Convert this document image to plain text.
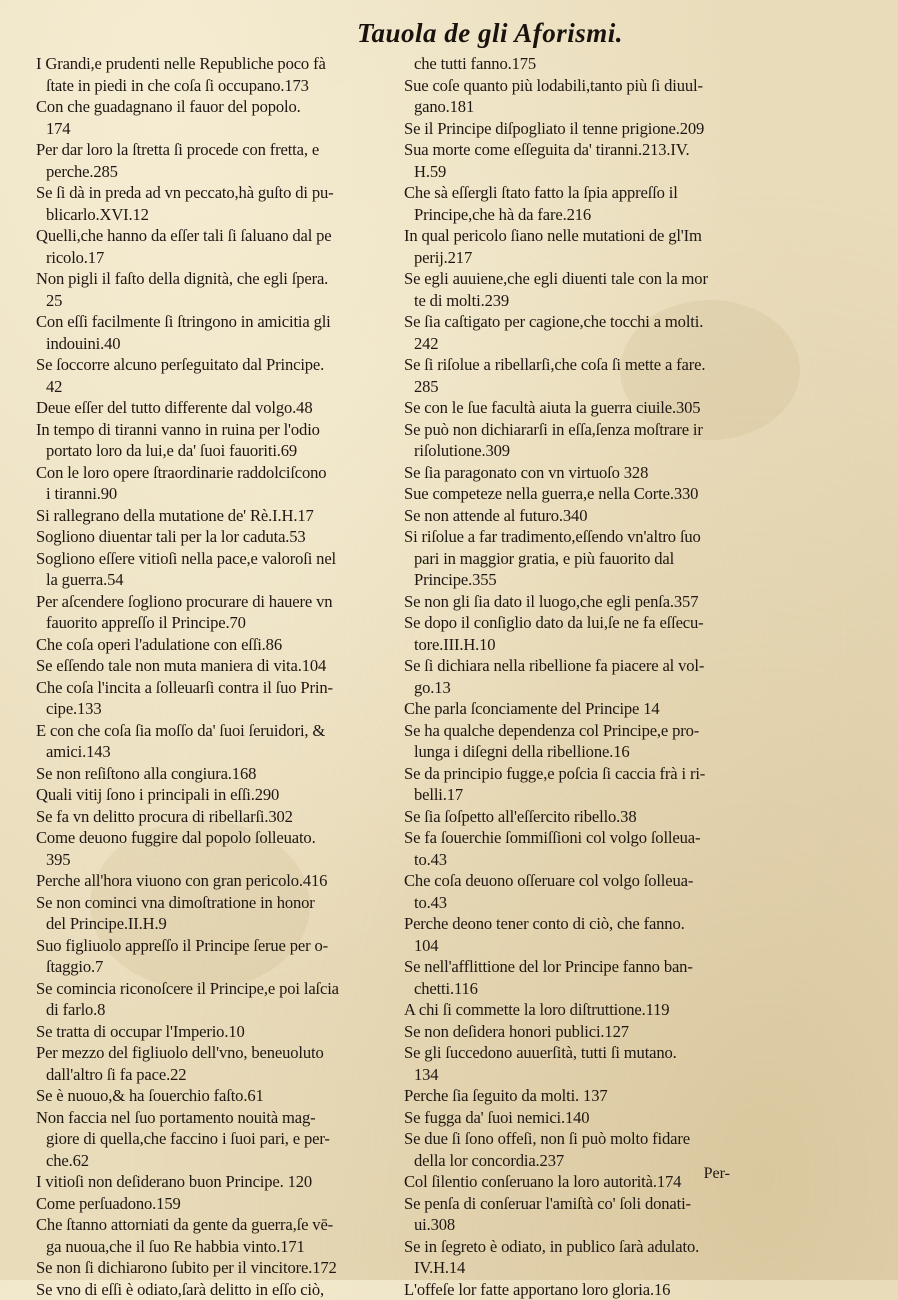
Tauola de gli Aforismi.
I Grandi,e prudenti nelle Republiche poco fà
ſtate in piedi in che coſa ſi occupano.173
Con che guadagnano il fauor del popolo.
174
Per dar loro la ſtretta ſi procede con fretta, e
perche.285
Se ſi dà in preda ad vn peccato,hà guſto di pu-
blicarlo.XVI.12
Quelli,che hanno da eſſer tali ſi ſaluano dal pe
ricolo.17
Non pigli il faſto della dignità, che egli ſpera.
25
Con eſſi facilmente ſi ſtringono in amicitia gli
indouini.40
Se ſoccorre alcuno perſeguitato dal Principe.
42
Deue eſſer del tutto differente dal volgo.48
In tempo di tiranni vanno in ruina per l'odio
portato loro da lui,e da' ſuoi fauoriti.69
Con le loro opere ſtraordinarie raddolciſcono
i tiranni.90
Si rallegrano della mutatione de' Rè.I.H.17
Sogliono diuentar tali per la lor caduta.53
Sogliono eſſere vitioſi nella pace,e valoroſi nel
la guerra.54
Per aſcendere ſogliono procurare di hauere vn
fauorito appreſſo il Principe.70
Che coſa operi l'adulatione con eſſi.86
Se eſſendo tale non muta maniera di vita.104
Che coſa l'incita a ſolleuarſi contra il ſuo Prin-
cipe.133
E con che coſa ſia moſſo da' ſuoi ſeruidori, &
amici.143
Se non reſiſtono alla congiura.168
Quali vitij ſono i principali in eſſi.290
Se fa vn delitto procura di ribellarſi.302
Come deuono fuggire dal popolo ſolleuato.
395
Perche all'hora viuono con gran pericolo.416
Se non cominci vna dimoſtratione in honor
del Principe.II.H.9
Suo figliuolo appreſſo il Principe ſerue per o-
ſtaggio.7
Se comincia riconoſcere il Principe,e poi laſcia
di farlo.8
Se tratta di occupar l'Imperio.10
Per mezzo del figliuolo dell'vno, beneuoluto
dall'altro ſi fa pace.22
Se è nuouo,& ha ſouerchio faſto.61
Non faccia nel ſuo portamento nouità mag-
giore di quella,che faccino i ſuoi pari, e per-
che.62
I vitioſi non deſiderano buon Principe. 120
Come perſuadono.159
Che ſtanno attorniati da gente da guerra,ſe vē-
ga nuoua,che il ſuo Re habbia vinto.171
Se non ſi dichiarono ſubito per il vincitore.172
Se vno di eſſi è odiato,ſarà delitto in eſſo ciò,
che tutti fanno.175
Sue coſe quanto più lodabili,tanto più ſi diuul-
gano.181
Se il Principe diſpogliato il tenne prigione.209
Sua morte come eſſeguita da' tiranni.213.IV.
H.59
Che sà eſſergli ſtato fatto la ſpia appreſſo il
Principe,che hà da fare.216
In qual pericolo ſiano nelle mutationi de gl'Im
perij.217
Se egli auuiene,che egli diuenti tale con la mor
te di molti.239
Se ſia caſtigato per cagione,che tocchi a molti.
242
Se ſi riſolue a ribellarſi,che coſa ſi mette a fare.
285
Se con le ſue facultà aiuta la guerra ciuile.305
Se può non dichiararſi in eſſa,ſenza moſtrare ir
riſolutione.309
Se ſia paragonato con vn virtuoſo 328
Sue competeze nella guerra,e nella Corte.330
Se non attende al futuro.340
Si riſolue a far tradimento,eſſendo vn'altro ſuo
pari in maggior gratia, e più fauorito dal
Principe.355
Se non gli ſia dato il luogo,che egli penſa.357
Se dopo il conſiglio dato da lui,ſe ne fa eſſecu-
tore.III.H.10
Se ſi dichiara nella ribellione fa piacere al vol-
go.13
Che parla ſconciamente del Principe 14
Se ha qualche dependenza col Principe,e pro-
lunga i diſegni della ribellione.16
Se da principio fugge,e poſcia ſi caccia frà i ri-
belli.17
Se ſia ſoſpetto all'eſſercito ribello.38
Se fa ſouerchie ſommiſſioni col volgo ſolleua-
to.43
Che coſa deuono oſſeruare col volgo ſolleua-
to.43
Perche deono tener conto di ciò, che fanno.
104
Se nell'afflittione del lor Principe fanno ban-
chetti.116
A chi ſi commette la loro diſtruttione.119
Se non deſidera honori publici.127
Se gli ſuccedono auuerſità, tutti ſi mutano.
134
Perche ſia ſeguito da molti. 137
Se fugga da' ſuoi nemici.140
Se due ſi ſono offeſi, non ſi può molto fidare
della lor concordia.237
Col ſilentio conſeruano la loro autorità.174
Se penſa di conſeruar l'amiſtà co' ſoli donati-
ui.308
Se in ſegreto è odiato, in publico ſarà adulato.
IV.H.14
L'offeſe lor fatte apportano loro gloria.16
Per-
